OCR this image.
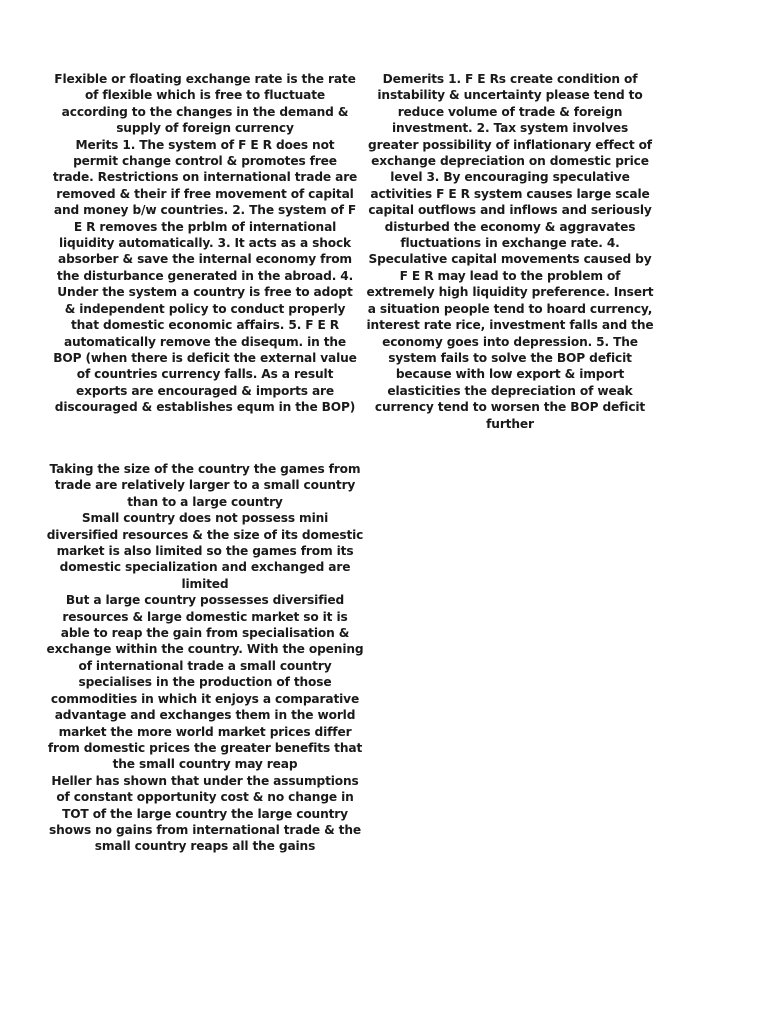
Flexible or floating exchange rate is the rate of flexible which is free to fluctuate according to the changes in the demand & supply of foreign currency

Merits 1. The system of F E R does not permit change control & promotes free trade. Restrictions on international trade are removed & their if free movement of capital and money b/w countries. 2. The system of F E R removes the prblm of international liquidity automatically. 3. It acts as a shock absorber & save the internal economy from the disturbance generated in the abroad. 4. Under the system a country is free to adopt & independent policy to conduct properly that domestic economic affairs. 5. F E R automatically remove the disequm. in the BOP (when there is deficit the external value of countries currency falls. As a result exports are encouraged & imports are discouraged & establishes equm in the BOP)

Demerits 1. F E Rs create condition of instability & uncertainty please tend to reduce volume of trade & foreign investment. 2. Tax system involves greater possibility of inflationary effect of exchange depreciation on domestic price level 3. By encouraging speculative activities F E R system causes large scale capital outflows and inflows and seriously disturbed the economy & aggravates fluctuations in exchange rate. 4. Speculative capital movements caused by F E R may lead to the problem of extremely high liquidity preference. Insert a situation people tend to hoard currency, interest rate rice, investment falls and the economy goes into depression. 5. The system fails to solve the BOP deficit because with low export & import elasticities the depreciation of weak currency tend to worsen the BOP deficit further

Taking the size of the country the games from trade are relatively larger to a small country than to a large country

Small country does not possess mini diversified resources & the size of its domestic market is also limited so the games from its domestic specialization and exchanged are limited

But a large country possesses diversified resources & large domestic market so it is able to reap the gain from specialisation & exchange within the country. With the opening of international trade a small country specialises in the production of those commodities in which it enjoys a comparative advantage and exchanges them in the world market the more world market prices differ from domestic prices the greater benefits that the small country may reap

Heller has shown that under the assumptions of constant opportunity cost & no change in TOT of the large country the large country shows no gains from international trade & the small country reaps all the gains
